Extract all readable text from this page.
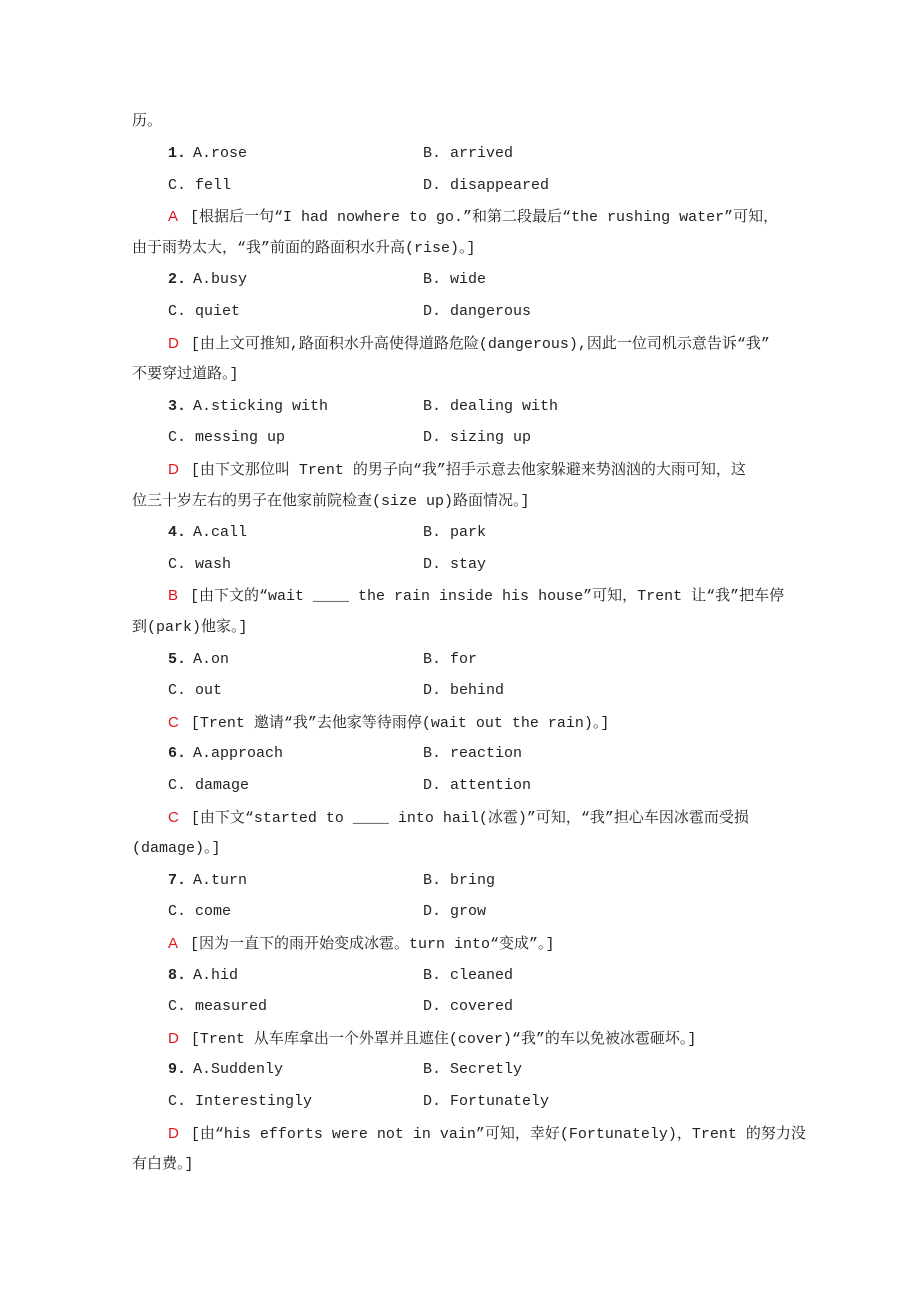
历。
1. A.rose	B. arrived
C. fell	D. disappeared
A [根据后一句“I had nowhere to go.”和第二段最后“the rushing water”可知，
由于雨势太大，“我”前面的路面积水升高(rise)。]
2. A.busy	B. wide
C. quiet	D. dangerous
D [由上文可推知,路面积水升高使得道路危险(dangerous),因此一位司机示意告诉“我”
不要穿过道路。]
3. A.sticking with	B. dealing with
C. messing up	D. sizing up
D [由下文那位叫 Trent 的男子向“我”招手示意去他家躲避来势汹汹的大雨可知，这
位三十岁左右的男子在他家前院检查(size up)路面情况。]
4. A.call	B. park
C. wash	D. stay
B [由下文的“wait ____ the rain inside his house”可知，Trent 让“我”把车停
到(park)他家。]
5. A.on	B. for
C. out	D. behind
C [Trent 邀请“我”去他家等待雨停(wait out the rain)。]
6. A.approach	B. reaction
C. damage	D. attention
C [由下文“started to ____ into hail(冰雹)”可知，“我”担心车因冰雹而受损
(damage)。]
7. A.turn	B. bring
C. come	D. grow
A [因为一直下的雨开始变成冰雹。turn into“变成”。]
8. A.hid	B. cleaned
C. measured	D. covered
D [Trent 从车库拿出一个外罩并且遮住(cover)“我”的车以免被冰雹砸坏。]
9. A.Suddenly	B. Secretly
C. Interestingly	D. Fortunately
D [由“his efforts were not in vain”可知，幸好(Fortunately)，Trent 的努力没
有白费。]
